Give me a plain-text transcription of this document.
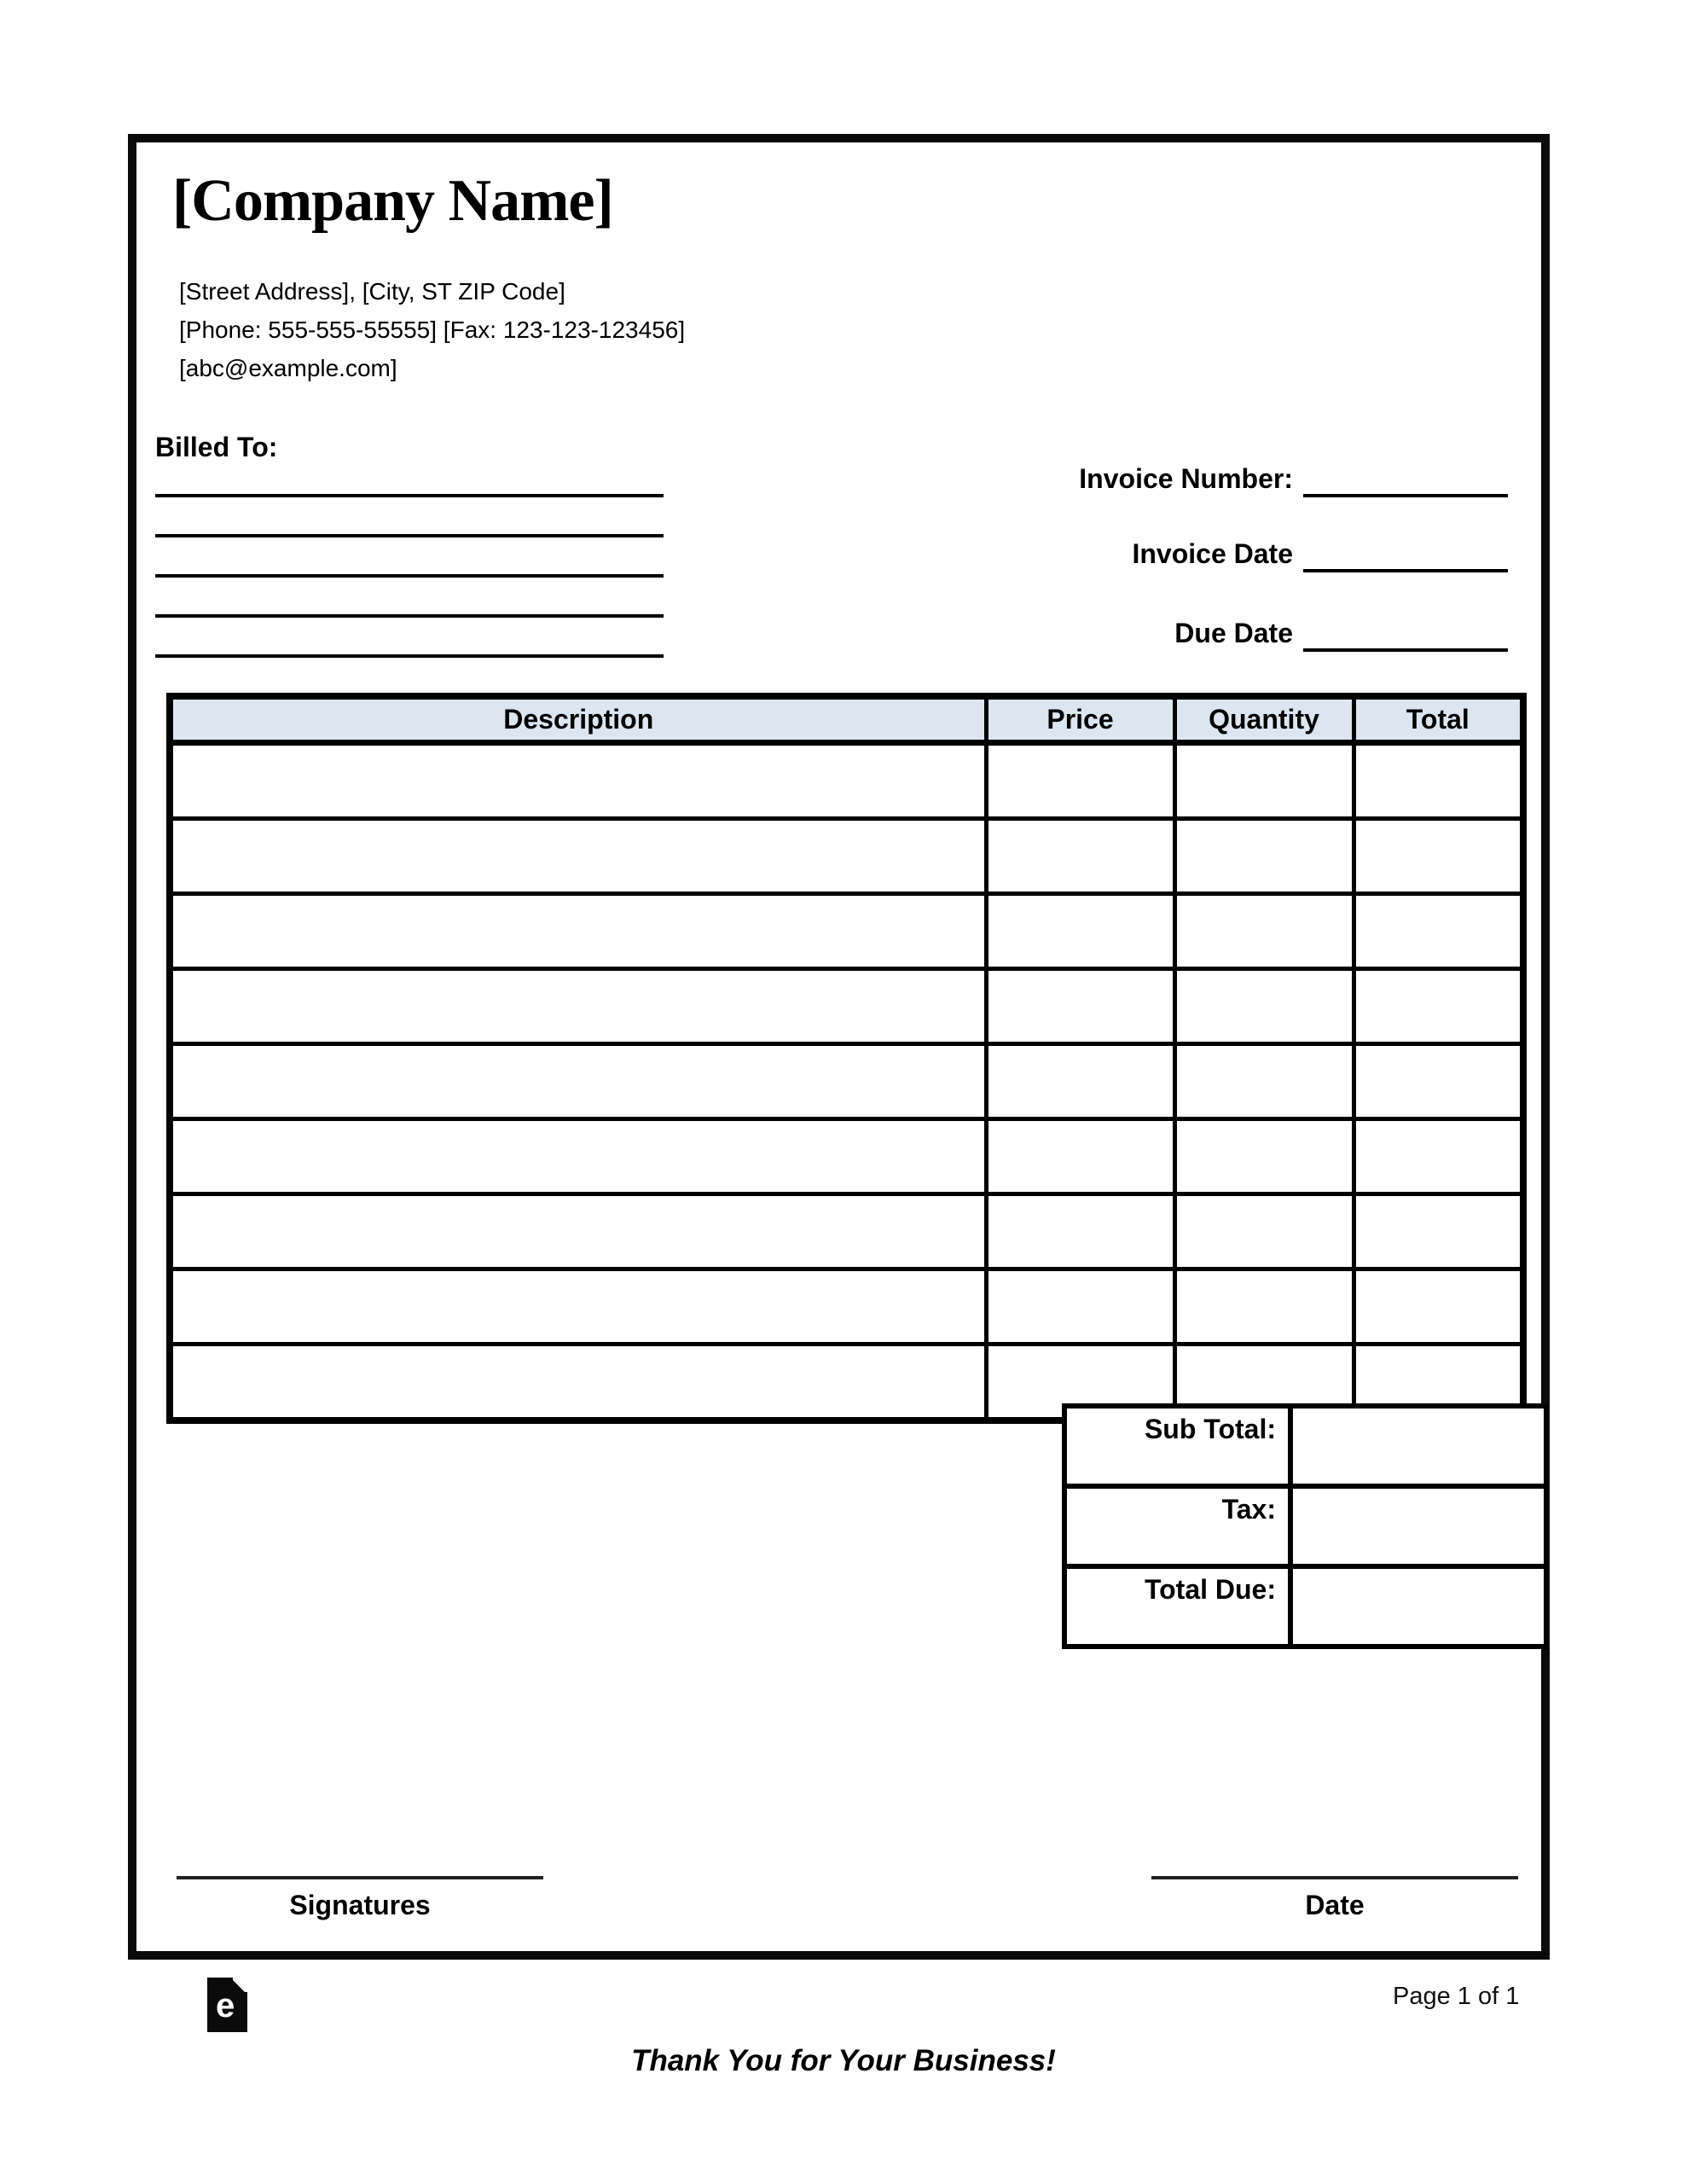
[Company Name]
[Street Address], [City, ST ZIP Code]
[Phone: 555-555-55555] [Fax: 123-123-123456]
[abc@example.com]
Billed To:
Invoice Number:
Invoice Date
Due Date
Description	Price	Quantity	Total

Sub Total:	
Tax:	
Total Due:	
Signatures	Date
e
Thank You for Your Business!
Page 1 of 1
